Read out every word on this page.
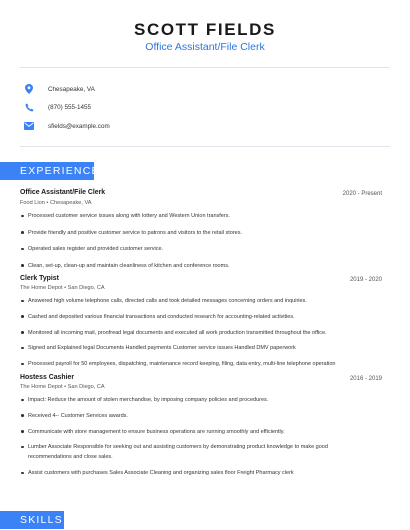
SCOTT FIELDS
Office Assistant/File Clerk
Chesapeake, VA
(870) 555-1455
sfields@example.com
EXPERIENCE
Office Assistant/File Clerk	2020 - Present
Food Lion • Chesapeake, VA
Processed customer service issues along with lottery and Western Union transfers.
Provide friendly and positive customer service to patrons and visitors to the retail stores.
Operated sales register and provided customer service.
Clean, set-up, clean-up and maintain cleanliness of kitchen and conference rooms.
Clerk Typist	2019 - 2020
The Home Depot • San Diego, CA
Answered high volume telephone calls, directed calls and took detailed messages concerning orders and inquiries.
Cashed and deposited various financial transactions and conducted research for accounting-related activities.
Monitored all incoming mail, proofread legal documents and executed all work production transmitted throughout the office.
Signed and Explained legal Documents Handled payments Customer service issues Handled DMV paperwork
Processed payroll for 50 employees, dispatching, maintenance record keeping, filing, data entry, multi-line telephone operation
Hostess Cashier	2016 - 2019
The Home Depot • San Diego, CA
Impact: Reduce the amount of stolen merchandise, by imposing company policies and procedures.
Received 4-- Customer Services awards.
Communicate with store management to ensure business operations are running smoothly and efficiently.
Lumber Associate Responsible for seeking out and assisting customers by demonstrating product knowledge to make good recommendations and close sales.
Assist customers with purchases Sales Associate Cleaning and organizing sales floor Freight Pharmacy clerk
SKILLS
